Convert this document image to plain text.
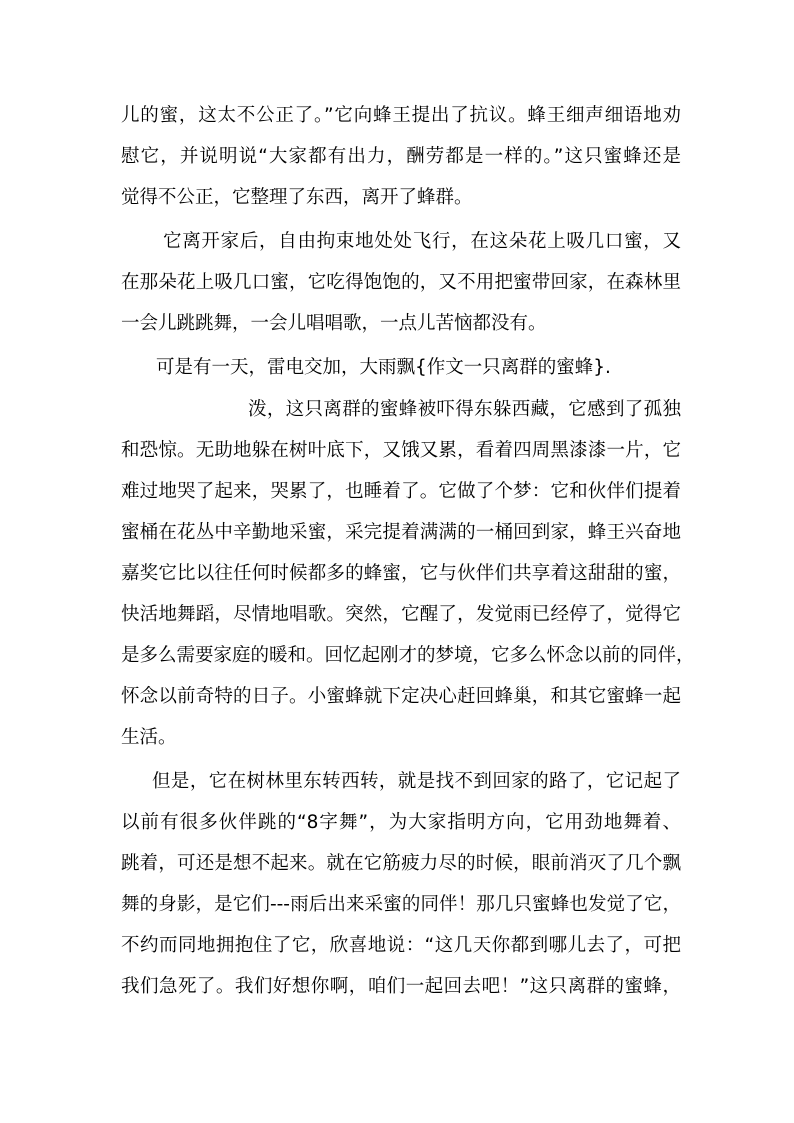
儿的蜜，这太不公正了。”它向蜂王提出了抗议。蜂王细声细语地劝
慰它，并说明说“大家都有出力，酬劳都是一样的。”这只蜜蜂还是
觉得不公正，它整理了东西，离开了蜂群。
它离开家后，自由拘束地处处飞行，在这朵花上吸几口蜜，又
在那朵花上吸几口蜜，它吃得饱饱的，又不用把蜜带回家，在森林里
一会儿跳跳舞，一会儿唱唱歌，一点儿苦恼都没有。
可是有一天，雷电交加，大雨飘{作文一只离群的蜜蜂}.
泼，这只离群的蜜蜂被吓得东躲西藏，它感到了孤独
和恐惊。无助地躲在树叶底下，又饿又累，看着四周黑漆漆一片，它
难过地哭了起来，哭累了，也睡着了。它做了个梦：它和伙伴们提着
蜜桶在花丛中辛勤地采蜜，采完提着满满的一桶回到家，蜂王兴奋地
嘉奖它比以往任何时候都多的蜂蜜，它与伙伴们共享着这甜甜的蜜，
快活地舞蹈，尽情地唱歌。突然，它醒了，发觉雨已经停了，觉得它
是多么需要家庭的暖和。回忆起刚才的梦境，它多么怀念以前的同伴，
怀念以前奇特的日子。小蜜蜂就下定决心赶回蜂巢，和其它蜜蜂一起
生活。
但是，它在树林里东转西转，就是找不到回家的路了，它记起了
以前有很多伙伴跳的“8字舞”，为大家指明方向，它用劲地舞着、
跳着，可还是想不起来。就在它筋疲力尽的时候，眼前消灭了几个飘
舞的身影，是它们---雨后出来采蜜的同伴！那几只蜜蜂也发觉了它，
不约而同地拥抱住了它，欣喜地说：“这几天你都到哪儿去了，可把
我们急死了。我们好想你啊，咱们一起回去吧！”这只离群的蜜蜂，
